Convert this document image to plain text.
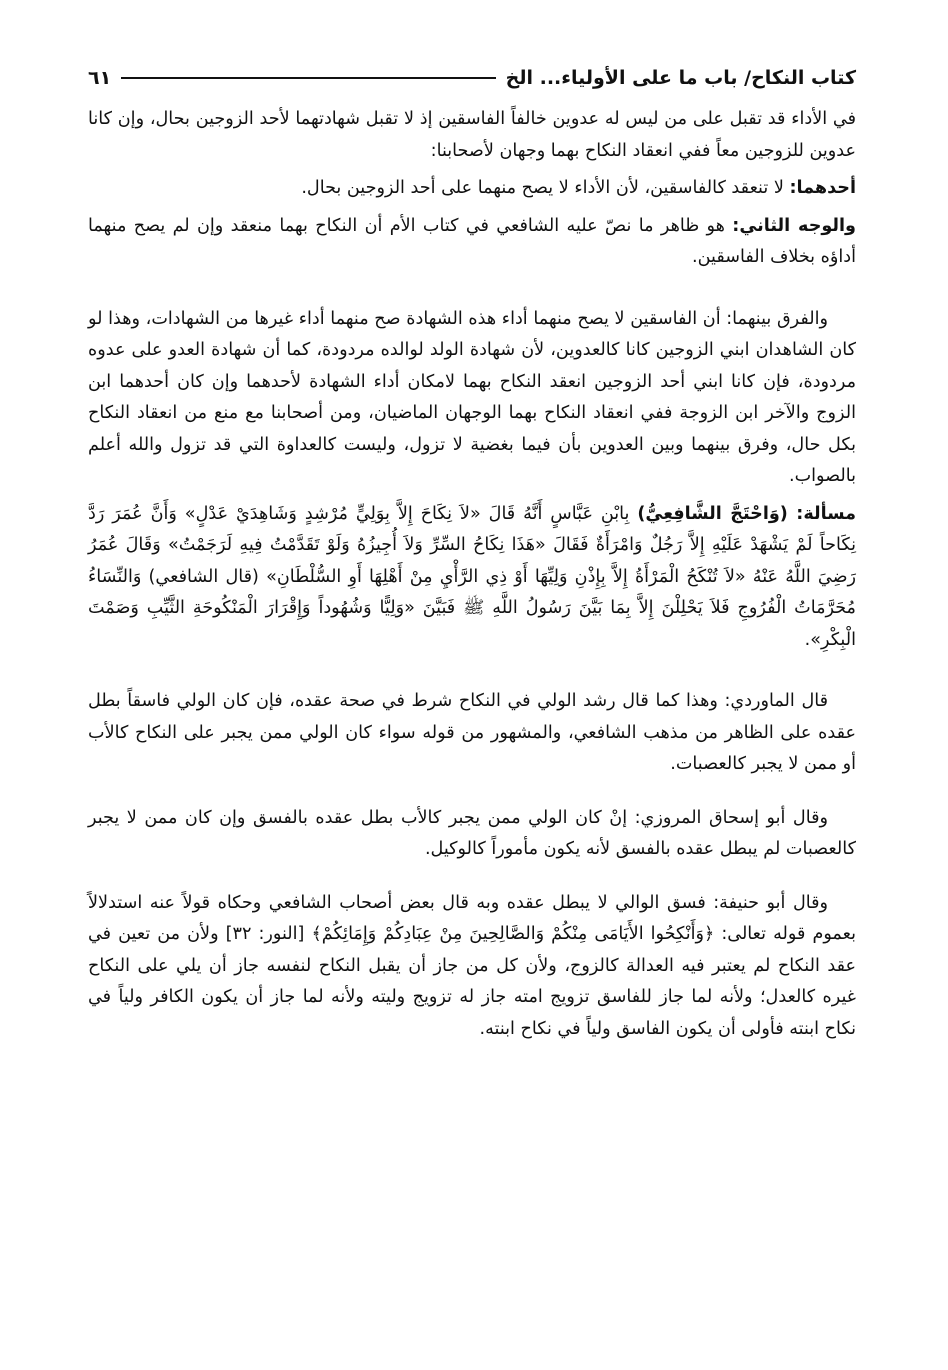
كتاب النكاح/ باب ما على الأولياء... الخ
٦١

في الأداء قد تقبل على من ليس له عدوين خالفاً الفاسقين إذ لا تقبل شهادتهما لأحد الزوجين بحال، وإن كانا عدوين للزوجين معاً ففي انعقاد النكاح بهما وجهان لأصحابنا:

أحدهما: لا تنعقد كالفاسقين، لأن الأداء لا يصح منهما على أحد الزوجين بحال.

والوجه الثاني: هو ظاهر ما نصّ عليه الشافعي في كتاب الأم أن النكاح بهما منعقد وإن لم يصح منهما أداؤه بخلاف الفاسقين.

والفرق بينهما: أن الفاسقين لا يصح منهما أداء هذه الشهادة صح منهما أداء غيرها من الشهادات، وهذا لو كان الشاهدان ابني الزوجين كانا كالعدوين، لأن شهادة الولد لوالده مردودة، كما أن شهادة العدو على عدوه مردودة، فإن كانا ابني أحد الزوجين انعقد النكاح بهما لامكان أداء الشهادة لأحدهما وإن كان أحدهما ابن الزوج والآخر ابن الزوجة ففي انعقاد النكاح بهما الوجهان الماضيان، ومن أصحابنا مع منع من انعقاد النكاح بكل حال، وفرق بينهما وبين العدوين بأن فيما بغضية لا تزول، وليست كالعداوة التي قد تزول والله أعلم بالصواب.

مسألة: (وَاحْتَجَّ الشَّافِعِيُّ) بِابْنِ عَبَّاسٍ أَنَّهُ قَالَ «لاَ نِكَاحَ إِلاَّ بِوَلِيٍّ مُرْشِدٍ وَشَاهِدَيْ عَدْلٍ» وَأَنَّ عُمَرَ رَدَّ نِكَاحاً لَمْ يَشْهَدْ عَلَيْهِ إِلاَّ رَجُلٌ وَامْرَأَةٌ فَقَالَ «هَذَا نِكَاحُ السِّرِّ وَلاَ أُجِيزُهُ وَلَوْ تَقَدَّمْتُ فِيهِ لَرَجَمْتُ» وَقَالَ عُمَرُ رَضِيَ اللَّهُ عَنْهُ «لاَ تُنْكَحُ الْمَرْأَةُ إِلاَّ بِإِذْنِ وَلِيِّهَا أَوْ ذِي الرَّأْيِ مِنْ أَهْلِهَا أَوِ السُّلْطَانِ» (قال الشافعي) وَالنِّسَاءُ مُحَرَّمَاتُ الْفُرُوجِ فَلاَ يَحْلِلْنَ إِلاَّ بِمَا بَيَّنَ رَسُولُ اللَّهِ ﷺ فَبَيَّنَ «وَلِيًّا وَشُهُوداً وَإِقْرَارَ الْمَنْكُوحَةِ الثَّيِّبِ وَصَمْتَ الْبِكْرِ».

قال الماوردي: وهذا كما قال رشد الولي في النكاح شرط في صحة عقده، فإن كان الولي فاسقاً بطل عقده على الظاهر من مذهب الشافعي، والمشهور من قوله سواء كان الولي ممن يجبر على النكاح كالأب أو ممن لا يجبر كالعصبات.

وقال أبو إسحاق المروزي: إنْ كان الولي ممن يجبر كالأب بطل عقده بالفسق وإن كان ممن لا يجبر كالعصبات لم يبطل عقده بالفسق لأنه يكون مأموراً كالوكيل.

وقال أبو حنيفة: فسق الوالي لا يبطل عقده وبه قال بعض أصحاب الشافعي وحكاه قولاً عنه استدلالاً بعموم قوله تعالى: ﴿وَأَنْكِحُوا الأَيَامَى مِنْكُمْ وَالصَّالِحِينَ مِنْ عِبَادِكُمْ وَإِمَائِكُمْ﴾ [النور: ٣٢] ولأن من تعين في عقد النكاح لم يعتبر فيه العدالة كالزوج، ولأن كل من جاز أن يقبل النكاح لنفسه جاز أن يلي على النكاح غيره كالعدل؛ ولأنه لما جاز للفاسق تزويج امته جاز له تزويج وليته ولأنه لما جاز أن يكون الكافر ولياً في نكاح ابنته فأولى أن يكون الفاسق ولياً في نكاح ابنته.
